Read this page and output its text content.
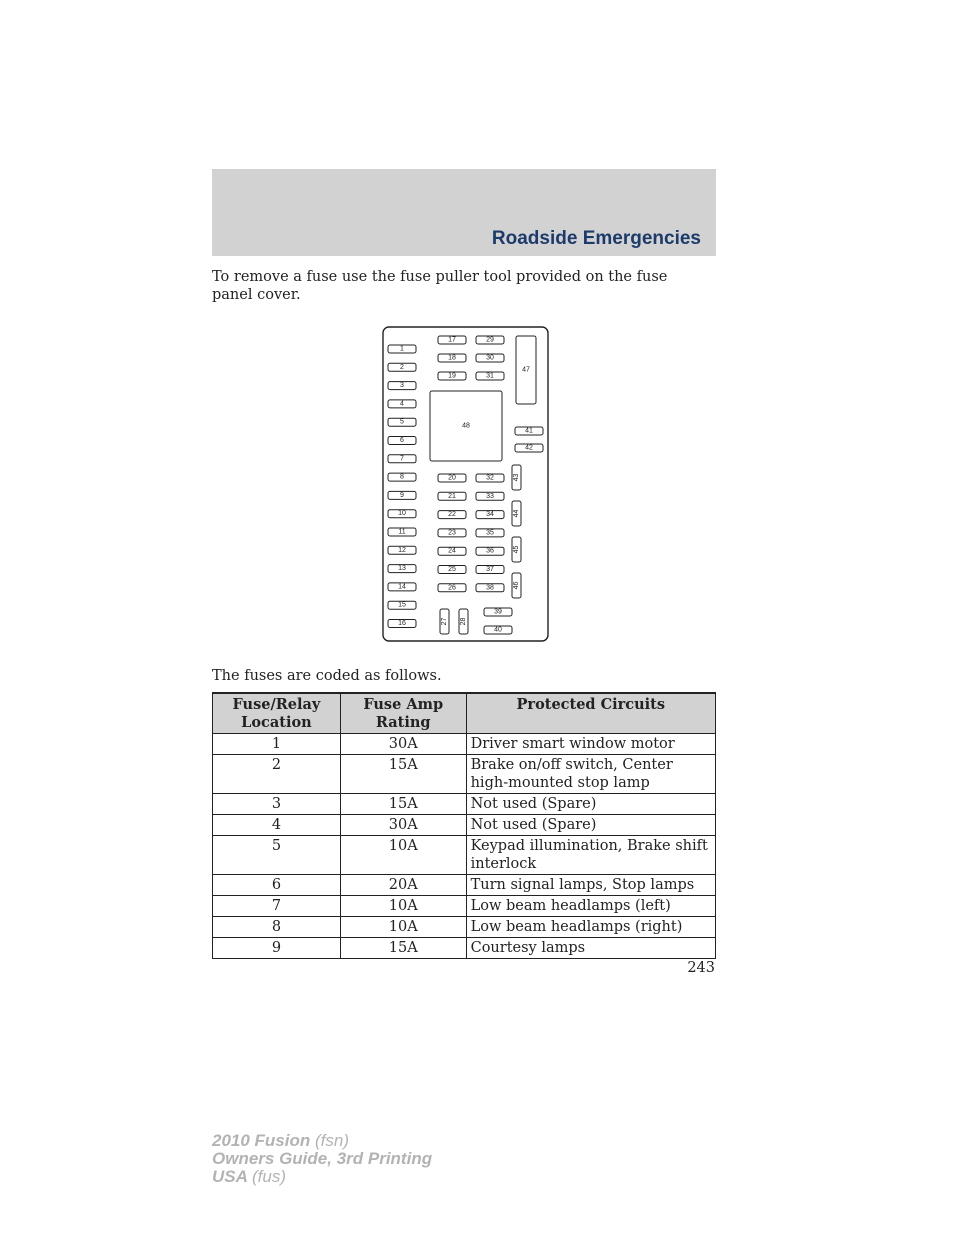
Roadside Emergencies
To remove a fuse use the fuse puller tool provided on the fuse panel cover.
1
2
3
4
5
6
7
8
9
10
11
12
13
14
15
16
17
18
19
29
30
31
47
48
41
42
43
44
45
46
20
21
22
23
24
25
26
32
33
34
35
36
37
38
27 28
39
40
The fuses are coded as follows.
Fuse/Relay Location	Fuse Amp Rating	Protected Circuits
1	30A	Driver smart window motor
2	15A	Brake on/off switch, Center high-mounted stop lamp
3	15A	Not used (Spare)
4	30A	Not used (Spare)
5	10A	Keypad illumination, Brake shift interlock
6	20A	Turn signal lamps, Stop lamps
7	10A	Low beam headlamps (left)
8	10A	Low beam headlamps (right)
9	15A	Courtesy lamps
243
2010 Fusion (fsn)
Owners Guide, 3rd Printing
USA (fus)
